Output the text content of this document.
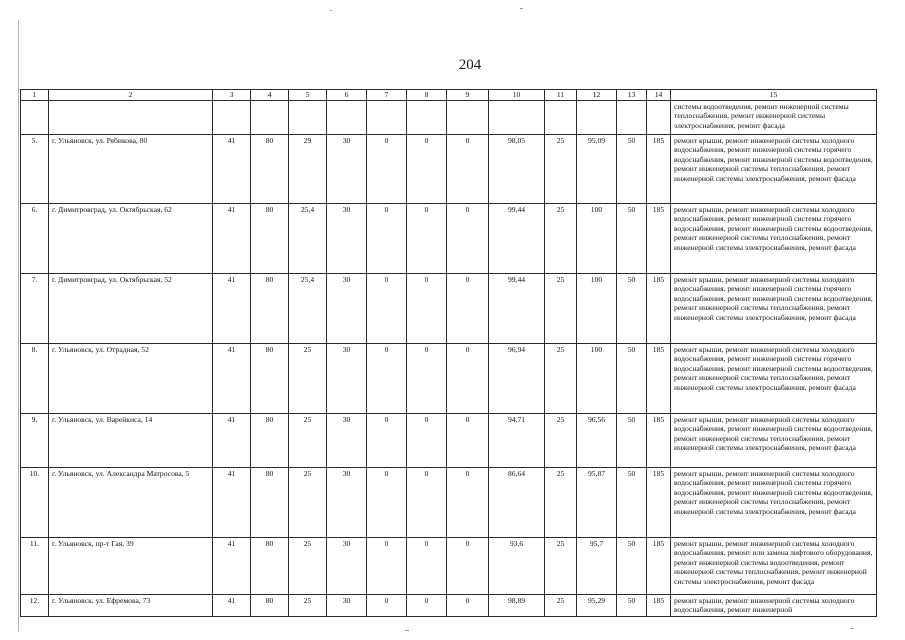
204
1	2	3	4	5	6	7	8	9	10	11	12	13	14	15
														системы водоотведения, ремонт инженерной системы теплоснабжения, ремонт инженерной системы электроснабжения, ремонт фасада
5.	г. Ульяновск, ул. Рябикова, 80	41	80	29	30	0	0	0	98,05	25	95,09	50	185	ремонт крыши, ремонт инженерной системы холодного водоснабжения, ремонт инженерной системы горячего водоснабжения, ремонт инженерной системы водоотведения, ремонт инженерной системы теплоснабжения, ремонт инженерной системы электроснабжения, ремонт фасада
6.	г. Димитровград, ул. Октябрьская, 62	41	80	25,4	30	0	0	0	99,44	25	100	50	185	ремонт крыши, ремонт инженерной системы холодного водоснабжения, ремонт инженерной системы горячего водоснабжения, ремонт инженерной системы водоотведения, ремонт инженерной системы теплоснабжения, ремонт инженерной системы электроснабжения, ремонт фасада
7.	г. Димитровград, ул. Октябрьская, 52	41	80	25,4	30	0	0	0	99,44	25	100	50	185	ремонт крыши, ремонт инженерной системы холодного водоснабжения, ремонт инженерной системы горячего водоснабжения, ремонт инженерной системы водоотведения, ремонт инженерной системы теплоснабжения, ремонт инженерной системы электроснабжения, ремонт фасада
8.	г. Ульяновск, ул. Отрадная, 52	41	80	25	30	0	0	0	96,94	25	100	50	185	ремонт крыши, ремонт инженерной системы холодного водоснабжения, ремонт инженерной системы горячего водоснабжения, ремонт инженерной системы водоотведения, ремонт инженерной системы теплоснабжения, ремонт инженерной системы электроснабжения, ремонт фасада
9.	г. Ульяновск, ул. Варейкиса, 14	41	80	25	30	0	0	0	94,71	25	96,56	50	185	ремонт крыши, ремонт инженерной системы холодного водоснабжения, ремонт инженерной системы водоотведения, ремонт инженерной системы теплоснабжения, ремонт инженерной системы электроснабжения, ремонт фасада
10.	г. Ульяновск, ул. Александра Матросова, 5	41	80	25	30	0	0	0	86,64	25	95,87	50	185	ремонт крыши, ремонт инженерной системы холодного водоснабжения, ремонт инженерной системы горячего водоснабжения, ремонт инженерной системы водоотведения, ремонт инженерной системы теплоснабжения, ремонт инженерной системы электроснабжения, ремонт фасада
11.	г. Ульяновск, пр-т Гая, 39	41	80	25	30	0	0	0	93,6	25	95,7	50	185	ремонт крыши, ремонт инженерной системы холодного водоснабжения, ремонт или замена лифтового оборудования, ремонт инженерной системы водоотведения, ремонт инженерной системы теплоснабжения, ремонт инженерной системы электроснабжения, ремонт фасада
12.	г. Ульяновск, ул. Ефремова, 73	41	80	25	30	0	0	0	98,89	25	95,29	50	185	ремонт крыши, ремонт инженерной системы холодного водоснабжения, ремонт инженерной
